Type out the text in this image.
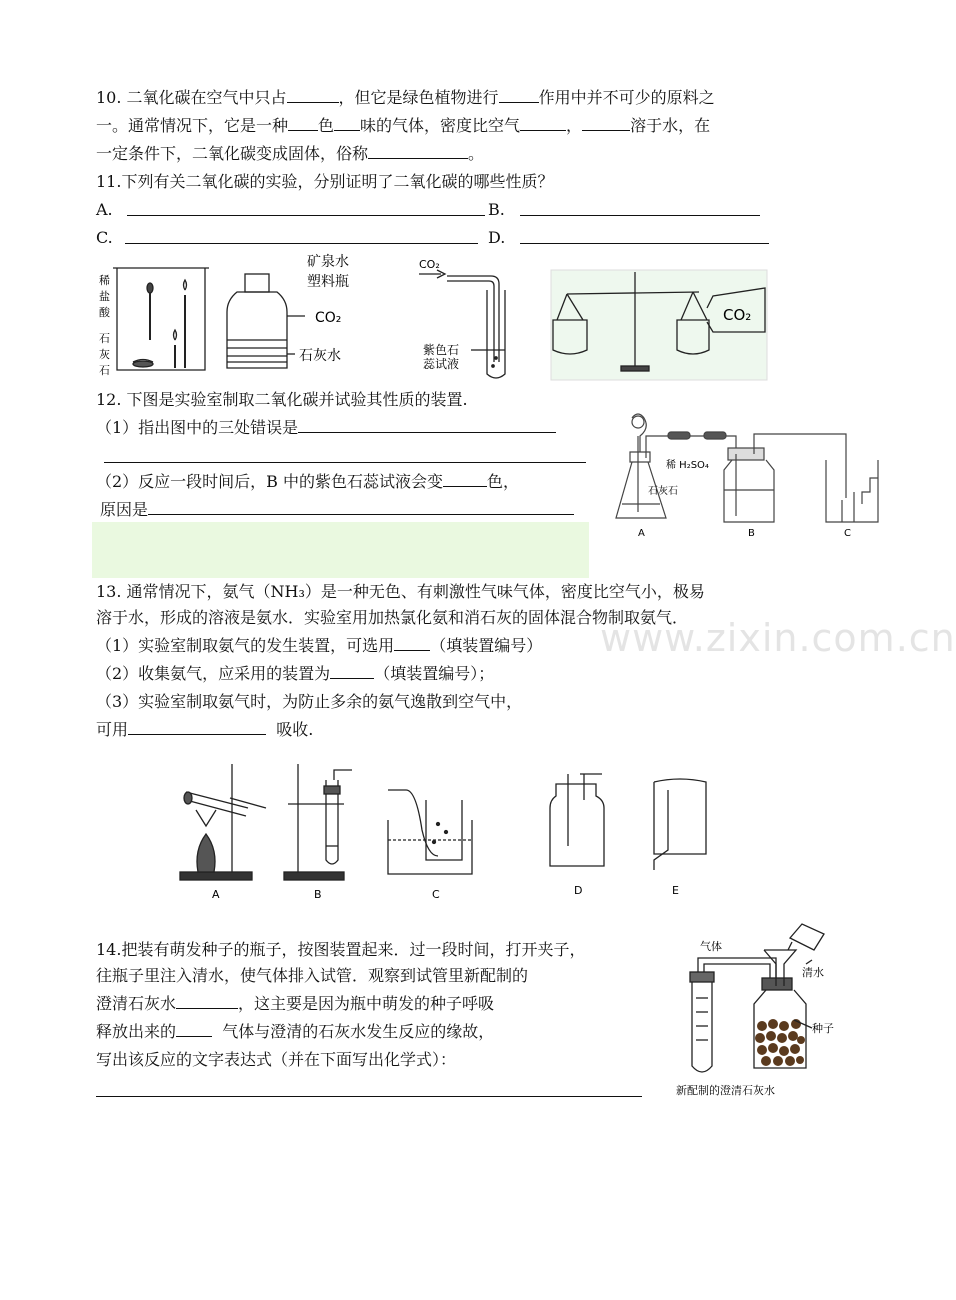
10. 二氧化碳在空气中只占	，但它是绿色植物进行	作用中并不可少的原料之
一。通常情况下，它是一种 色 味的气体，密度比空气	，	溶于水，在
一定条件下，二氧化碳变成固体，俗称	。
11.下列有关二氧化碳的实验，分别证明了二氧化碳的哪些性质？
A.	B.
C.	D.
稀
盐
酸
石
灰
石
矿泉水
塑料瓶
CO₂
石灰水
CO₂
紫色石
蕊试液
CO₂
12. 下图是实验室制取二氧化碳并试验其性质的装置.
（1）指出图中的三处错误是
（2）反应一段时间后，B 中的紫色石蕊试液会变	色，
原因是
稀 H₂SO₄
石灰石
A	B	C
13. 通常情况下，氨气（NH₃）是一种无色、有刺激性气味气体，密度比空气小，极易
溶于水，形成的溶液是氨水．实验室用加热氯化氨和消石灰的固体混合物制取氨气．
（1）实验室制取氨气的发生装置，可选用 （填装置编号）
（2）收集氨气，应采用的装置为	（填装置编号）；
（3）实验室制取氨气时，为防止多余的氨气逸散到空气中，
可用	吸收.
www.zixin.com.cn
A	B	C	D	E
14.把装有萌发种子的瓶子，按图装置起来．过一段时间，打开夹子，
往瓶子里注入清水，使气体排入试管．观察到试管里新配制的
澄清石灰水	，这主要是因为瓶中萌发的种子呼吸
释放出来的	气体与澄清的石灰水发生反应的缘故，
写出该反应的文字表达式（并在下面写出化学式）：
气体
清水
种子
新配制的澄清石灰水
